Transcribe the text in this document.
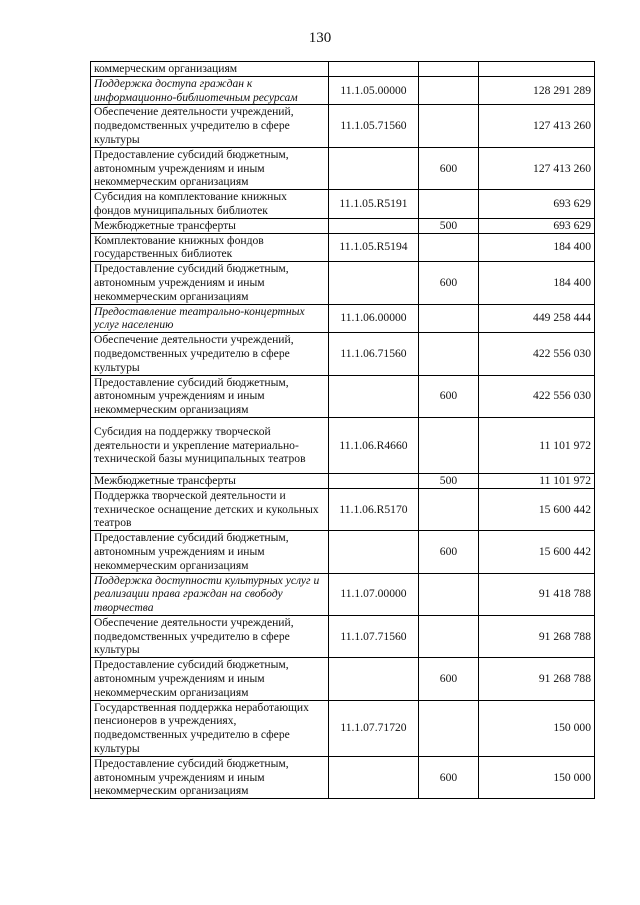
130
коммерческим организациям			
Поддержка доступа граждан к информационно-библиотечным ресурсам	11.1.05.00000		128 291 289
Обеспечение деятельности учреждений, подведомственных учредителю в сфере культуры	11.1.05.71560		127 413 260
Предоставление субсидий бюджетным, автономным учреждениям и иным некоммерческим организациям		600	127 413 260
Субсидия на комплектование книжных фондов муниципальных библиотек	11.1.05.R5191		693 629
Межбюджетные трансферты		500	693 629
Комплектование книжных фондов государственных библиотек	11.1.05.R5194		184 400
Предоставление субсидий бюджетным, автономным учреждениям и иным некоммерческим организациям		600	184 400
Предоставление театрально-концертных услуг населению	11.1.06.00000		449 258 444
Обеспечение деятельности учреждений, подведомственных учредителю в сфере культуры	11.1.06.71560		422 556 030
Предоставление субсидий бюджетным, автономным учреждениям и иным некоммерческим организациям		600	422 556 030
Субсидия на поддержку творческой деятельности и укрепление материально-технической базы муниципальных театров	11.1.06.R4660		11 101 972
Межбюджетные трансферты		500	11 101 972
Поддержка творческой деятельности и техническое оснащение детских и кукольных театров	11.1.06.R5170		15 600 442
Предоставление субсидий бюджетным, автономным учреждениям и иным некоммерческим организациям		600	15 600 442
Поддержка доступности культурных услуг и реализации права граждан на свободу творчества	11.1.07.00000		91 418 788
Обеспечение деятельности учреждений, подведомственных учредителю в сфере культуры	11.1.07.71560		91 268 788
Предоставление субсидий бюджетным, автономным учреждениям и иным некоммерческим организациям		600	91 268 788
Государственная поддержка неработающих пенсионеров в учреждениях, подведомственных учредителю в сфере культуры	11.1.07.71720		150 000
Предоставление субсидий бюджетным, автономным учреждениям и иным некоммерческим организациям		600	150 000
